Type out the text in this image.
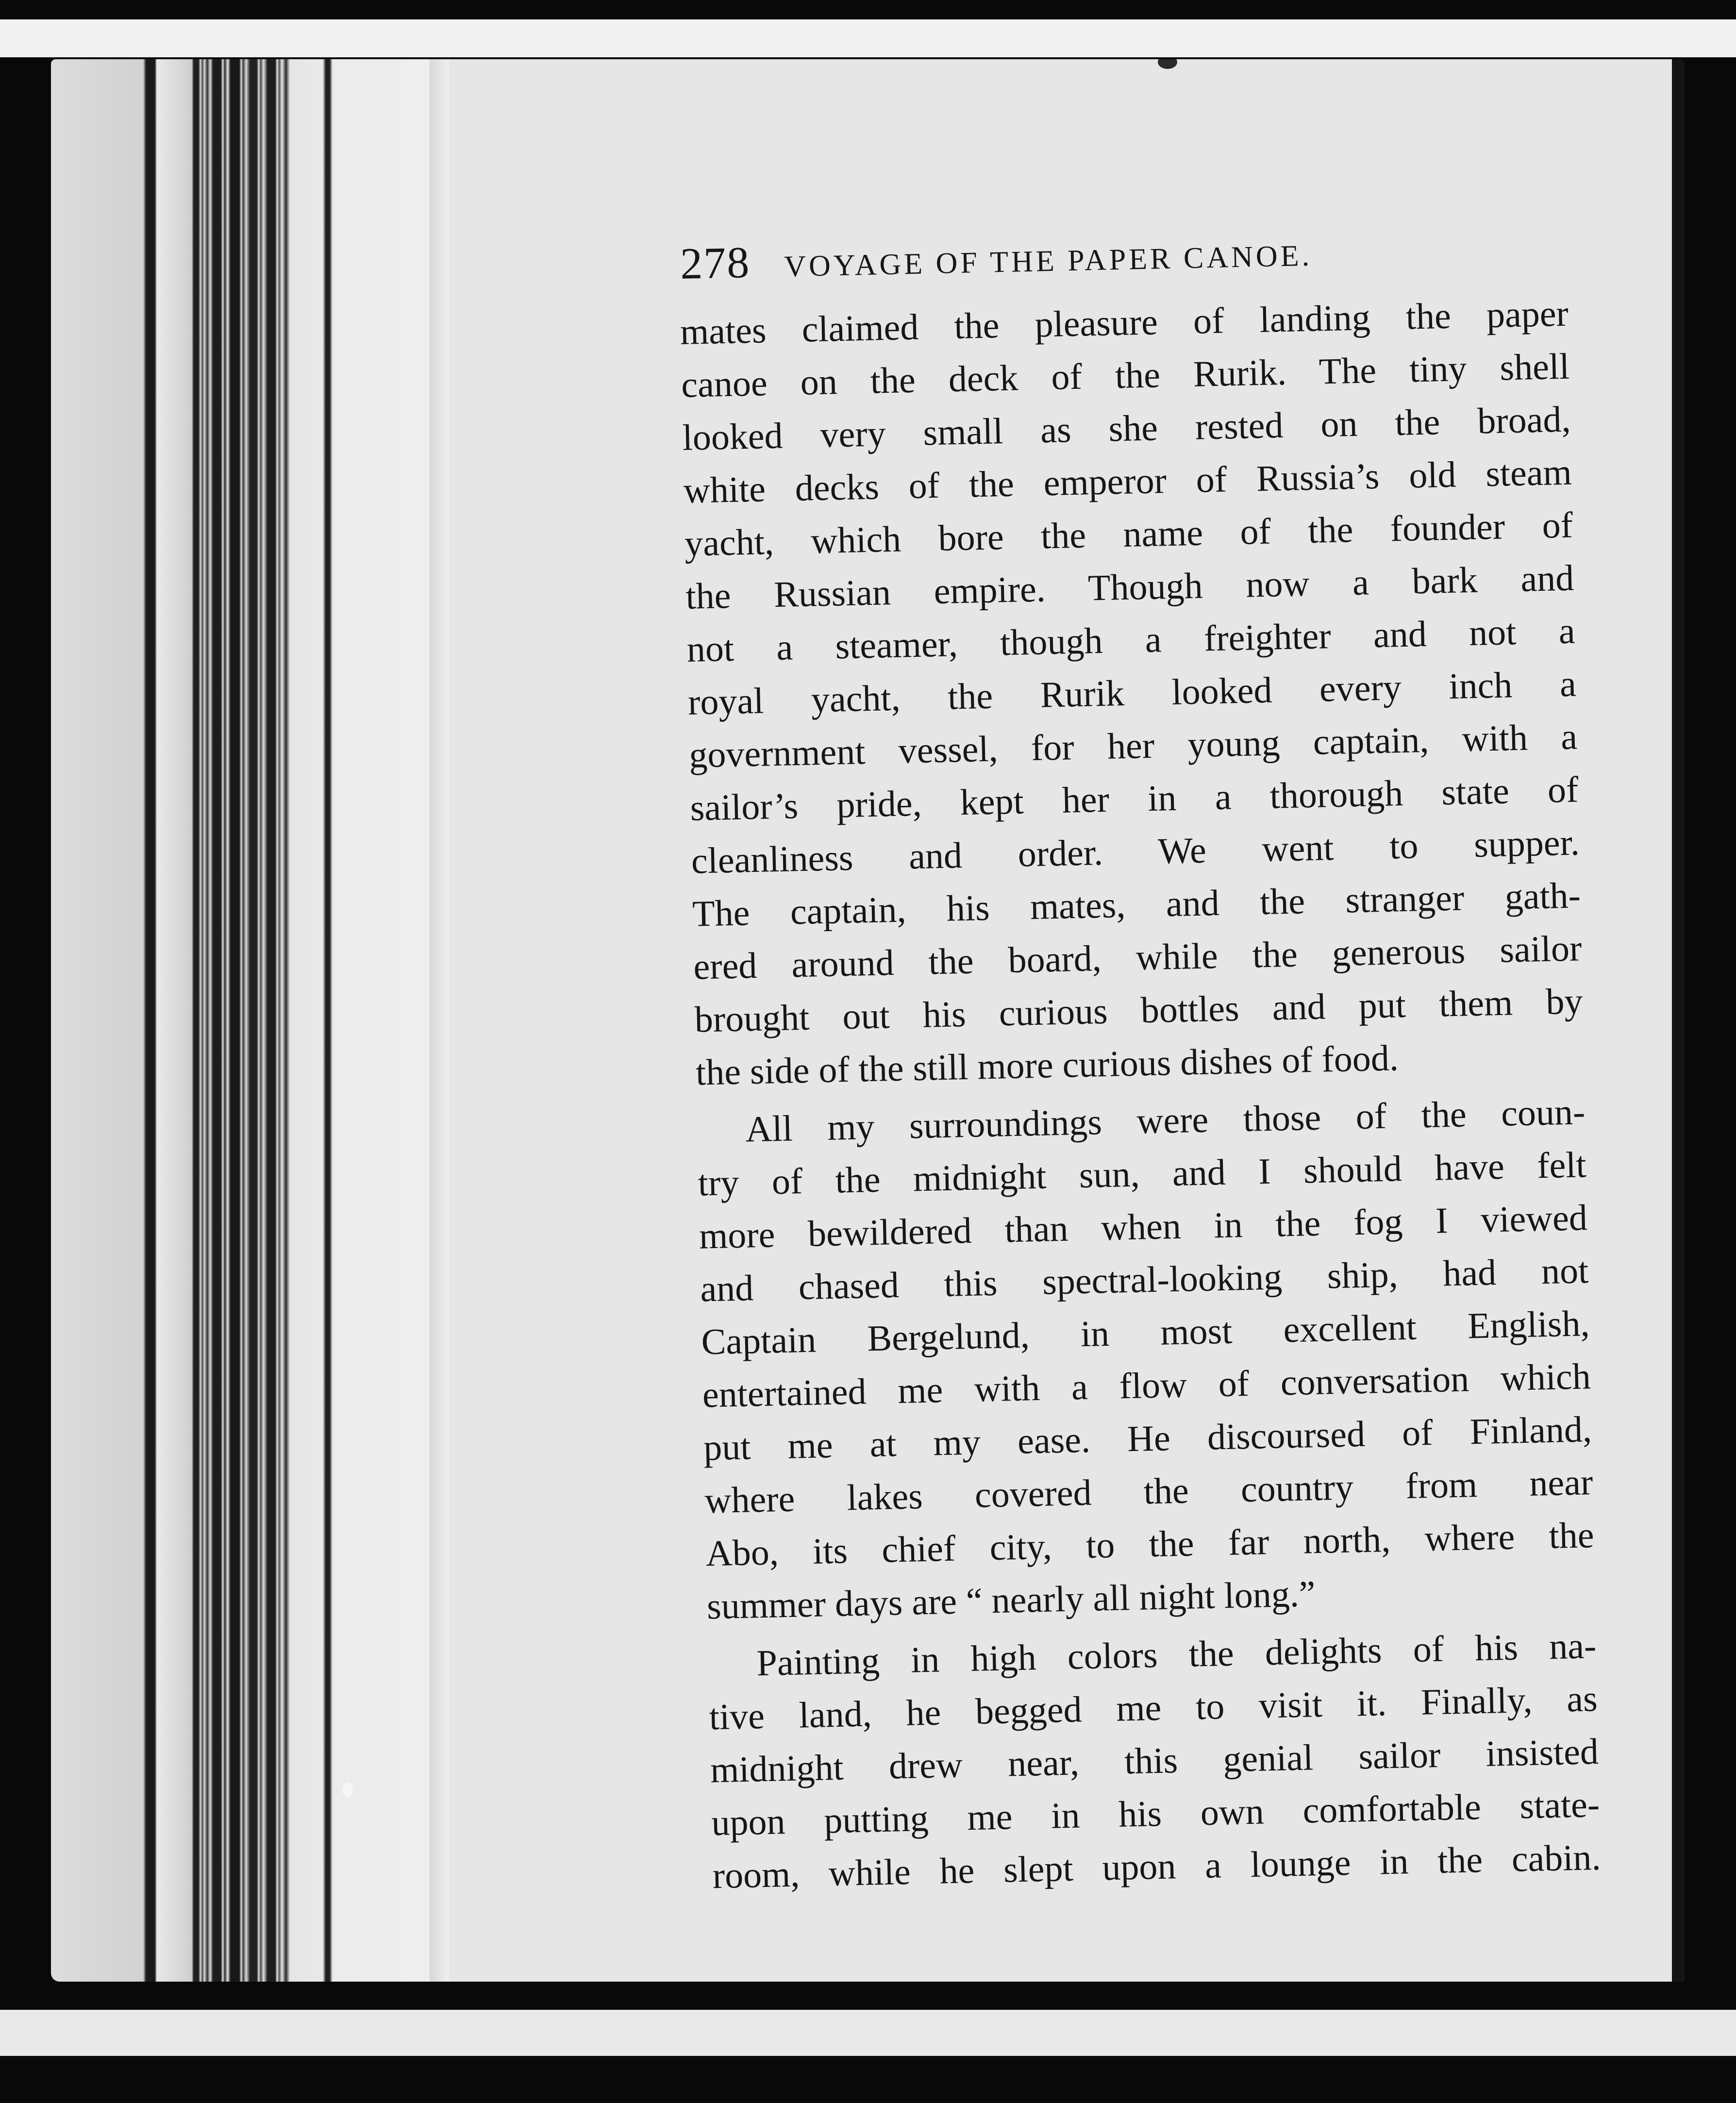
278 VOYAGE OF THE PAPER CANOE.
mates claimed the pleasure of landing the paper
canoe on the deck of the Rurik. The tiny shell
looked very small as she rested on the broad,
white decks of the emperor of Russia’s old steam
yacht, which bore the name of the founder of
the Russian empire. Though now a bark and
not a steamer, though a freighter and not a
royal yacht, the Rurik looked every inch a
government vessel, for her young captain, with a
sailor’s pride, kept her in a thorough state of
cleanliness and order. We went to supper.
The captain, his mates, and the stranger gath-
ered around the board, while the generous sailor
brought out his curious bottles and put them by
the side of the still more curious dishes of food.
All my surroundings were those of the coun-
try of the midnight sun, and I should have felt
more bewildered than when in the fog I viewed
and chased this spectral-looking ship, had not
Captain Bergelund, in most excellent English,
entertained me with a flow of conversation which
put me at my ease. He discoursed of Finland,
where lakes covered the country from near
Abo, its chief city, to the far north, where the
summer days are “ nearly all night long.”
Painting in high colors the delights of his na-
tive land, he begged me to visit it. Finally, as
midnight drew near, this genial sailor insisted
upon putting me in his own comfortable state-
room, while he slept upon a lounge in the cabin.
